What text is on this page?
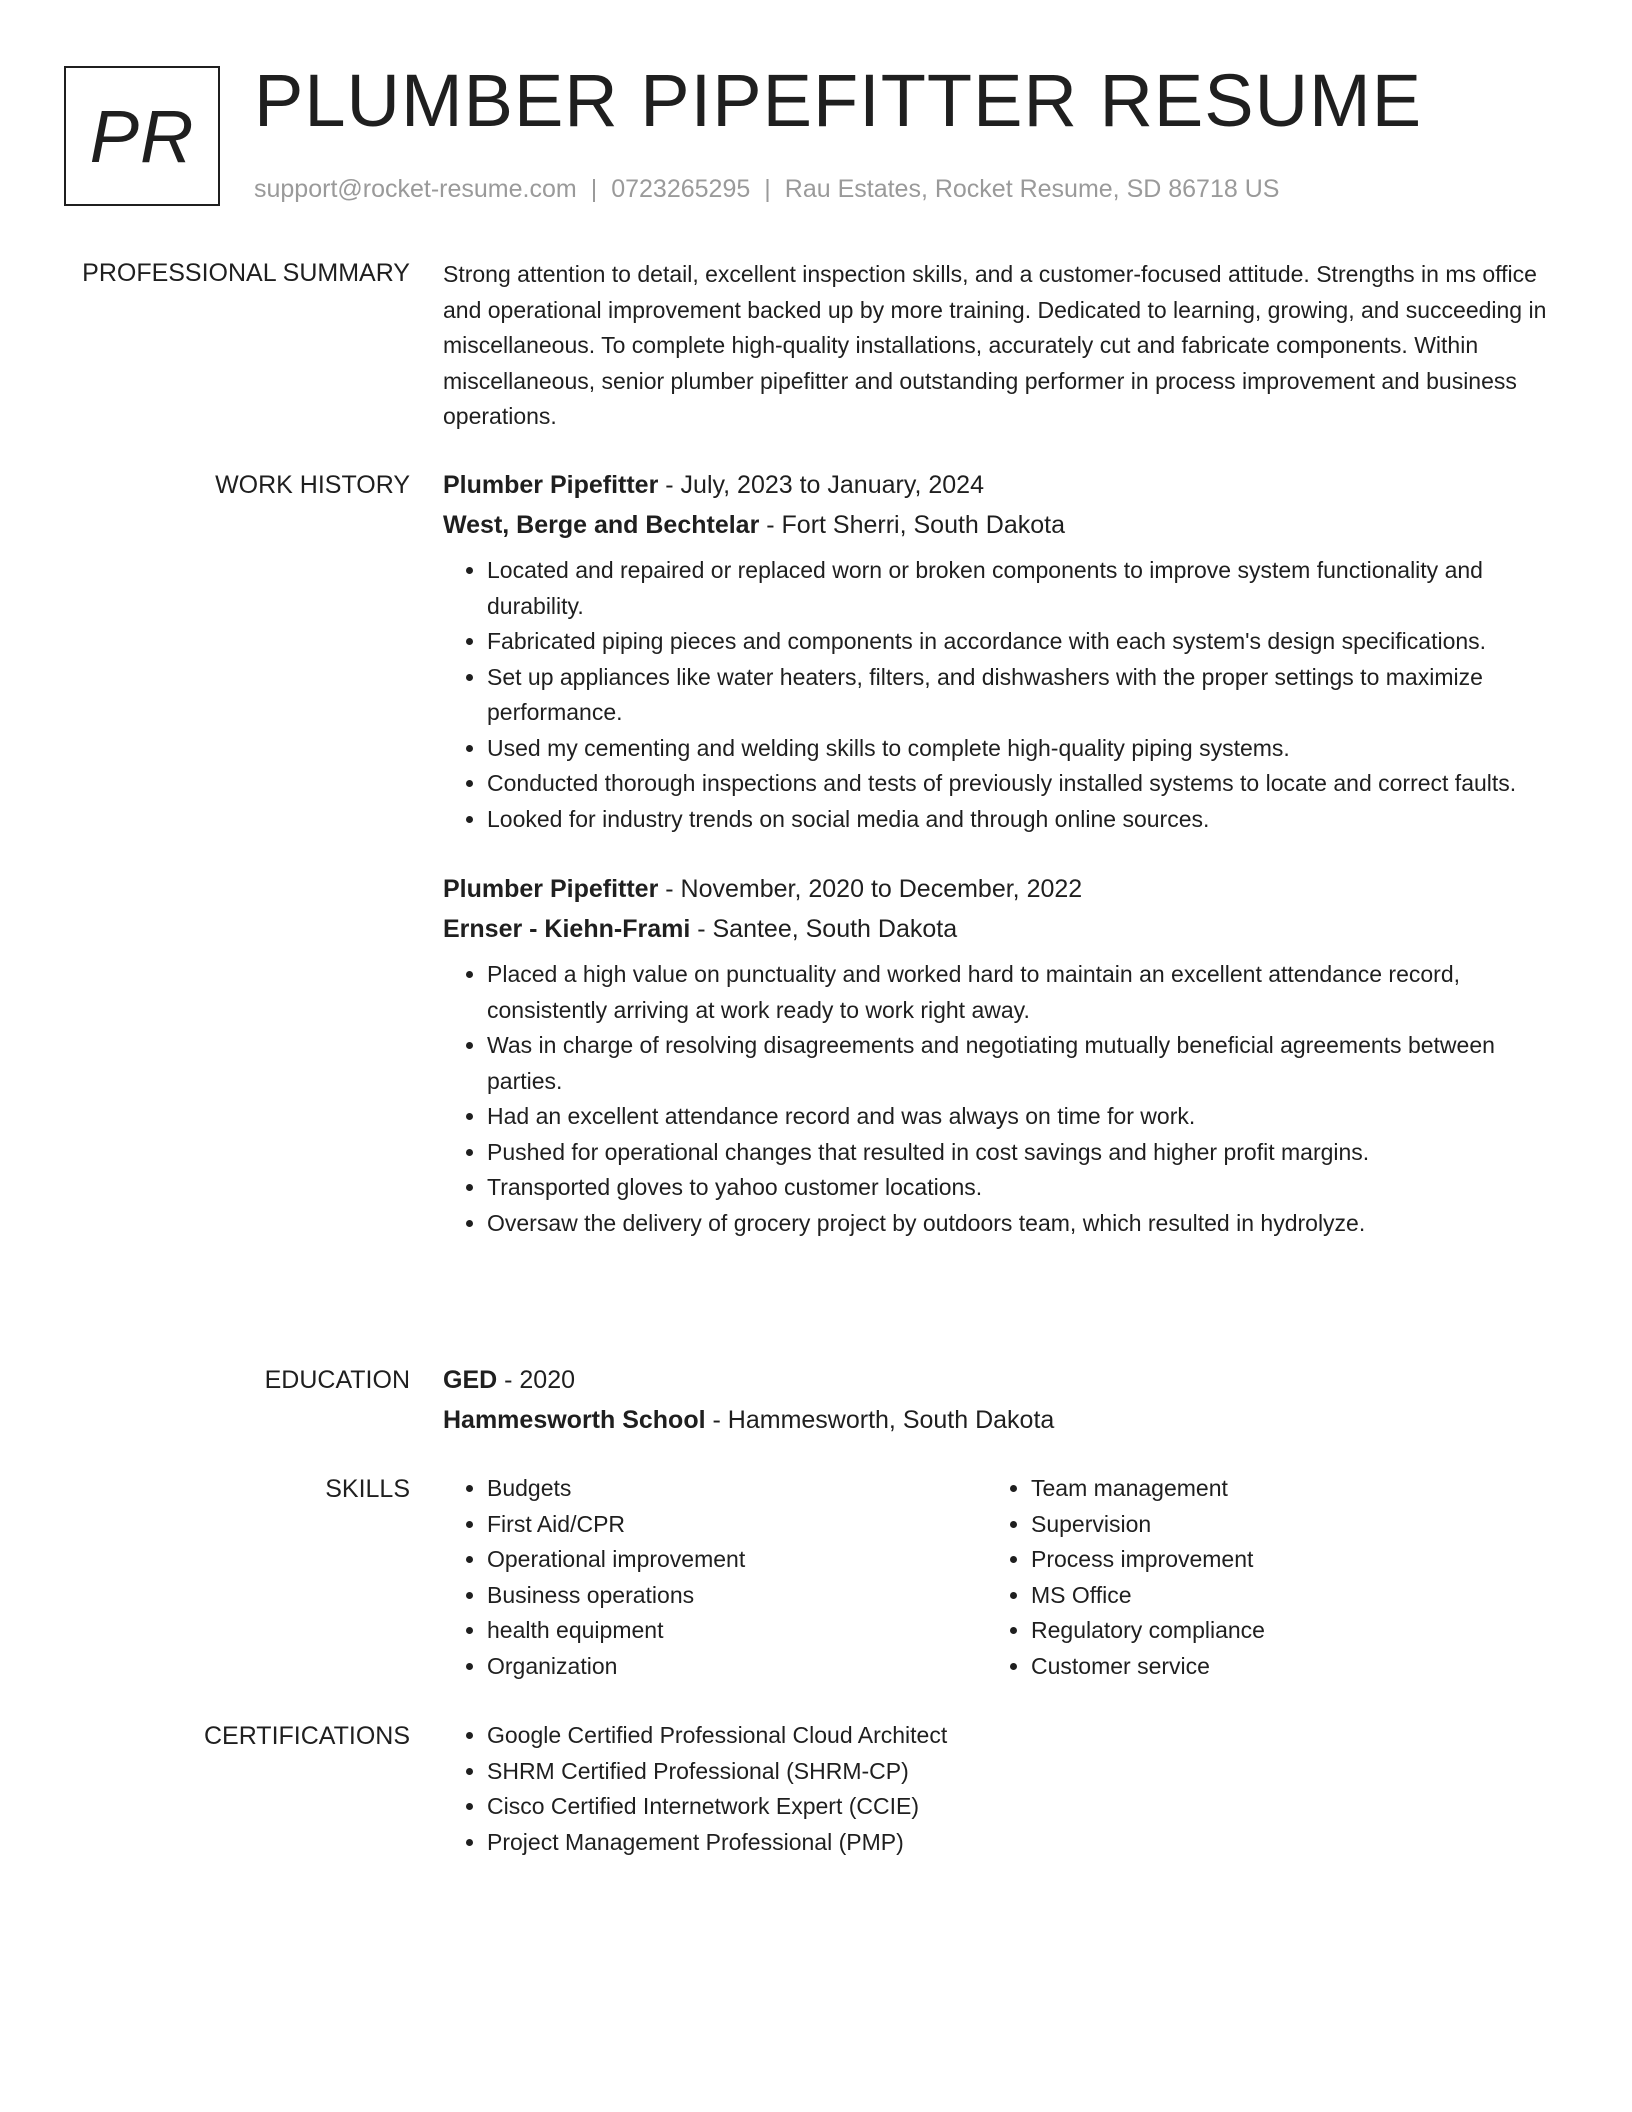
PR PLUMBER PIPEFITTER RESUME
support@rocket-resume.com | 0723265295 | Rau Estates, Rocket Resume, SD 86718 US
PROFESSIONAL SUMMARY Strong attention to detail, excellent inspection skills, and a customer-focused attitude. Strengths in ms office and operational improvement backed up by more training. Dedicated to learning, growing, and succeeding in miscellaneous. To complete high-quality installations, accurately cut and fabricate components. Within miscellaneous, senior plumber pipefitter and outstanding performer in process improvement and business operations.

WORK HISTORY Plumber Pipefitter - July, 2023 to January, 2024
West, Berge and Bechtelar - Fort Sherri, South Dakota
• Located and repaired or replaced worn or broken components to improve system functionality and durability.
• Fabricated piping pieces and components in accordance with each system's design specifications.
• Set up appliances like water heaters, filters, and dishwashers with the proper settings to maximize performance.
• Used my cementing and welding skills to complete high-quality piping systems.
• Conducted thorough inspections and tests of previously installed systems to locate and correct faults.
• Looked for industry trends on social media and through online sources.
Plumber Pipefitter - November, 2020 to December, 2022
Ernser - Kiehn-Frami - Santee, South Dakota
• Placed a high value on punctuality and worked hard to maintain an excellent attendance record, consistently arriving at work ready to work right away.
• Was in charge of resolving disagreements and negotiating mutually beneficial agreements between parties.
• Had an excellent attendance record and was always on time for work.
• Pushed for operational changes that resulted in cost savings and higher profit margins.
• Transported gloves to yahoo customer locations.
• Oversaw the delivery of grocery project by outdoors team, which resulted in hydrolyze.
EDUCATION GED - 2020
Hammesworth School - Hammesworth, South Dakota
SKILLS	• Budgets
• First Aid/CPR
• Operational improvement
• Business operations
• health equipment
• Organization
• Team management
• Supervision
• Process improvement
• MS Office
• Regulatory compliance
• Customer service
CERTIFICATIONS	• Google Certified Professional Cloud Architect
• SHRM Certified Professional (SHRM-CP)
• Cisco Certified Internetwork Expert (CCIE)
• Project Management Professional (PMP)
